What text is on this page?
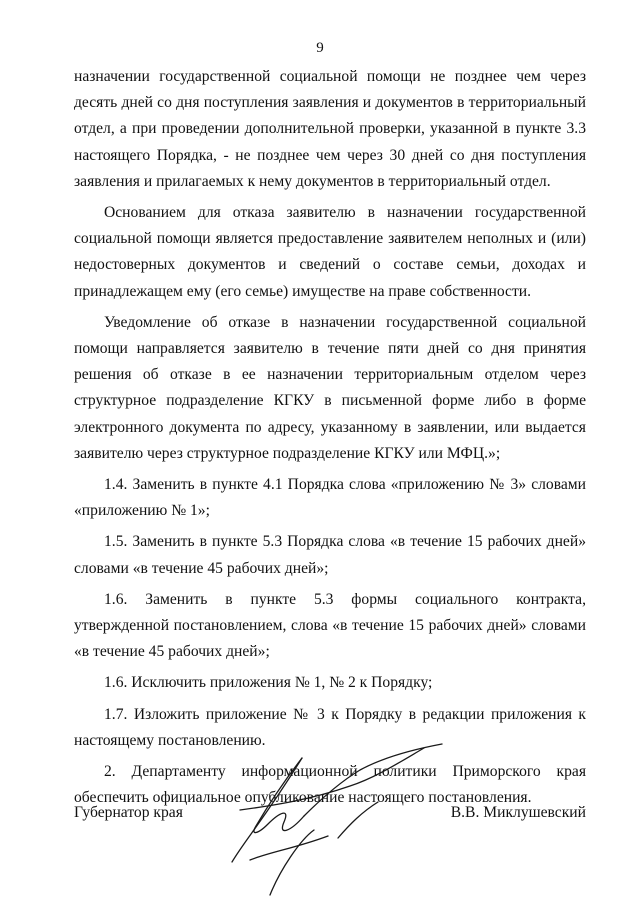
9

назначении государственной социальной помощи не позднее чем через десять дней со дня поступления заявления и документов в территориальный отдел, а при проведении дополнительной проверки, указанной в пункте 3.3 настоящего Порядка, - не позднее чем через 30 дней со дня поступления заявления и прилагаемых к нему документов в территориальный отдел.

Основанием для отказа заявителю в назначении государственной социальной помощи является предоставление заявителем неполных и (или) недостоверных документов и сведений о составе семьи, доходах и принадлежащем ему (его семье) имуществе на праве собственности.

Уведомление об отказе в назначении государственной социальной помощи направляется заявителю в течение пяти дней со дня принятия решения об отказе в ее назначении территориальным отделом через структурное подразделение КГКУ в письменной форме либо в форме электронного документа по адресу, указанному в заявлении, или выдается заявителю через структурное подразделение КГКУ или МФЦ.»;

1.4. Заменить в пункте 4.1 Порядка слова «приложению № 3» словами «приложению № 1»;

1.5. Заменить в пункте 5.3 Порядка слова «в течение 15 рабочих дней» словами «в течение 45 рабочих дней»;

1.6. Заменить в пункте 5.3 формы социального контракта, утвержденной постановлением, слова «в течение 15 рабочих дней» словами «в течение 45 рабочих дней»;

1.6. Исключить приложения № 1, № 2 к Порядку;

1.7. Изложить приложение № 3 к Порядку в редакции приложения к настоящему постановлению.

2. Департаменту информационной политики Приморского края обеспечить официальное опубликование настоящего постановления.

Губернатор края	В.В. Миклушевский
